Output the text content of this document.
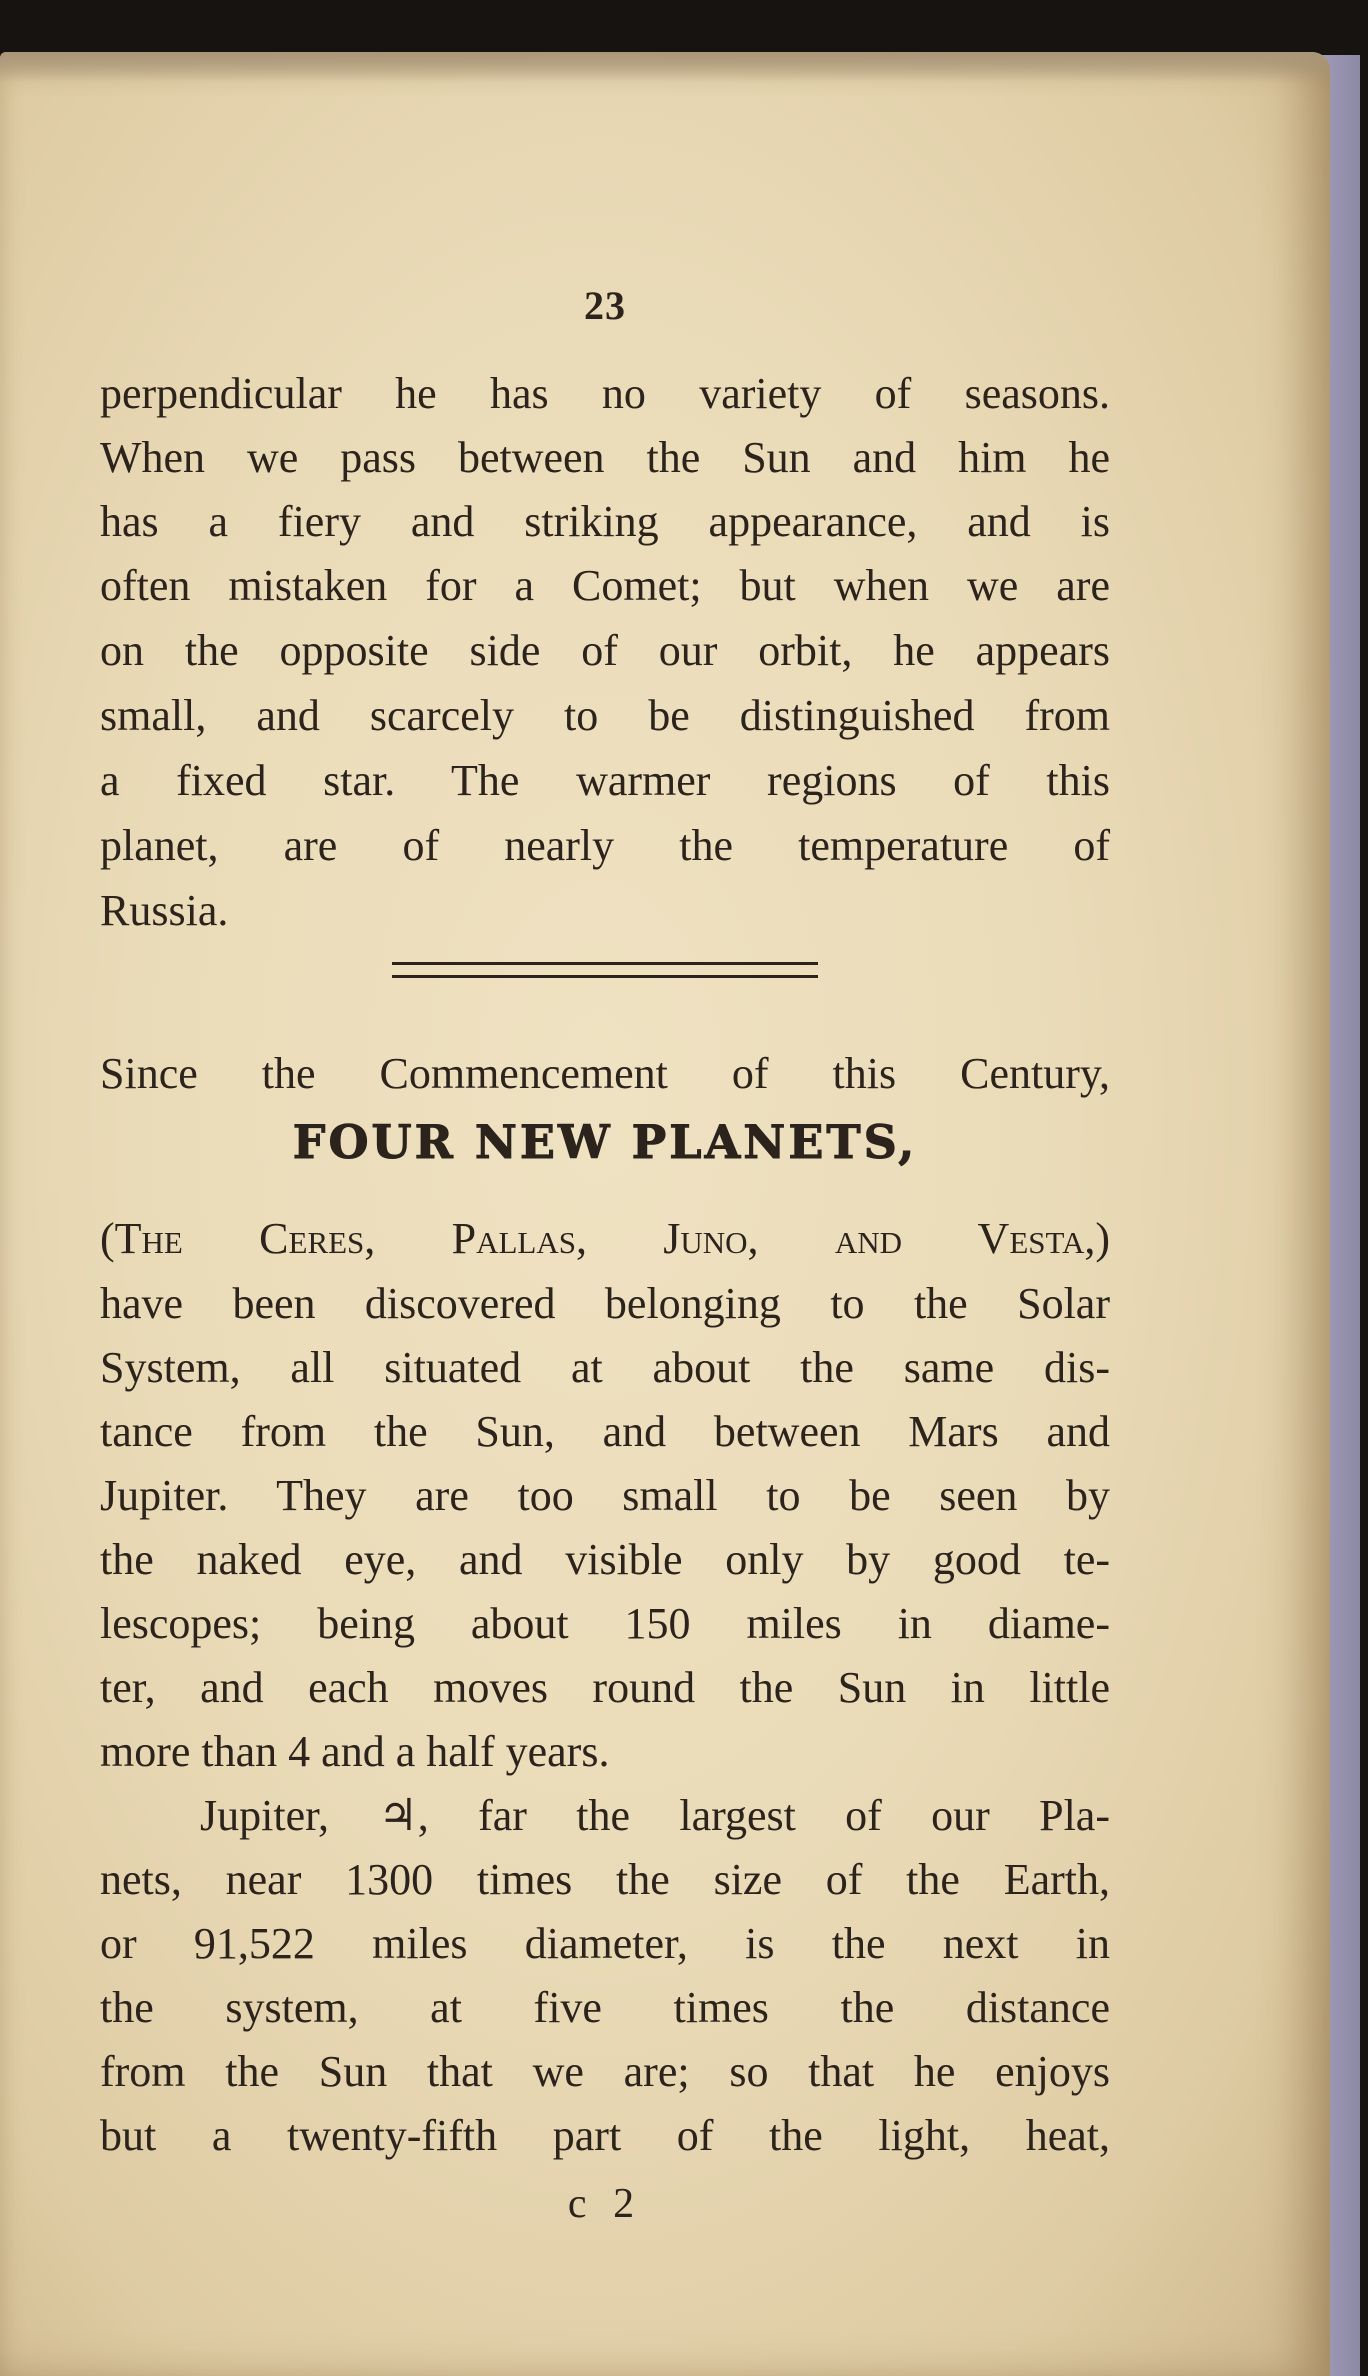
23
perpendicular he has no variety of seasons.
When we pass between the Sun and him he
has a fiery and striking appearance, and is
often mistaken for a Comet; but when we are
on the opposite side of our orbit, he appears
small, and scarcely to be distinguished from
a fixed star. The warmer regions of this
planet, are of nearly the temperature of
Russia.
Since the Commencement of this Century,
FOUR NEW PLANETS,
(The Ceres, Pallas, Juno, and Vesta,)
have been discovered belonging to the Solar
System, all situated at about the same dis-
tance from the Sun, and between Mars and
Jupiter. They are too small to be seen by
the naked eye, and visible only by good te-
lescopes; being about 150 miles in diame-
ter, and each moves round the Sun in little
more than 4 and a half years.
Jupiter, ♃, far the largest of our Pla-
nets, near 1300 times the size of the Earth,
or 91,522 miles diameter, is the next in
the system, at five times the distance
from the Sun that we are; so that he enjoys
but a twenty-fifth part of the light, heat,
c 2
